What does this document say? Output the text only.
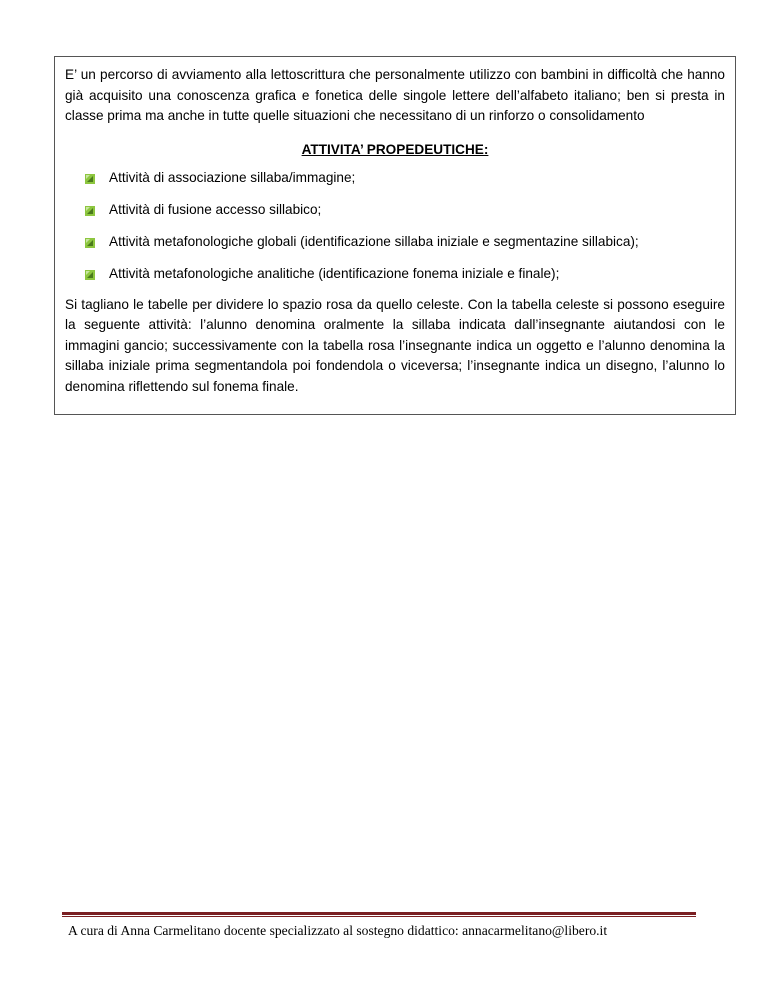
E’ un percorso di avviamento alla lettoscrittura che personalmente utilizzo con bambini in difficoltà che hanno già acquisito una conoscenza grafica e fonetica delle singole lettere dell’alfabeto italiano; ben si presta in classe prima ma anche in tutte quelle situazioni che necessitano di un rinforzo o consolidamento

ATTIVITA’ PROPEDEUTICHE:
Attività di associazione sillaba/immagine;
Attività di fusione accesso sillabico;
Attività metafonologiche globali (identificazione sillaba iniziale e segmentazine sillabica);
Attività metafonologiche analitiche (identificazione fonema iniziale e finale);

Si tagliano le tabelle per dividere lo spazio rosa da quello celeste. Con la tabella celeste si possono eseguire la seguente attività: l’alunno denomina oralmente la sillaba indicata dall’insegnante aiutandosi con le immagini gancio; successivamente con la tabella rosa l’insegnante indica un oggetto e l’alunno denomina la sillaba iniziale prima segmentandola poi fondendola o viceversa; l’insegnante indica un disegno, l’alunno lo denomina riflettendo sul fonema finale.

A cura di Anna Carmelitano docente specializzato al sostegno didattico: annacarmelitano@libero.it
